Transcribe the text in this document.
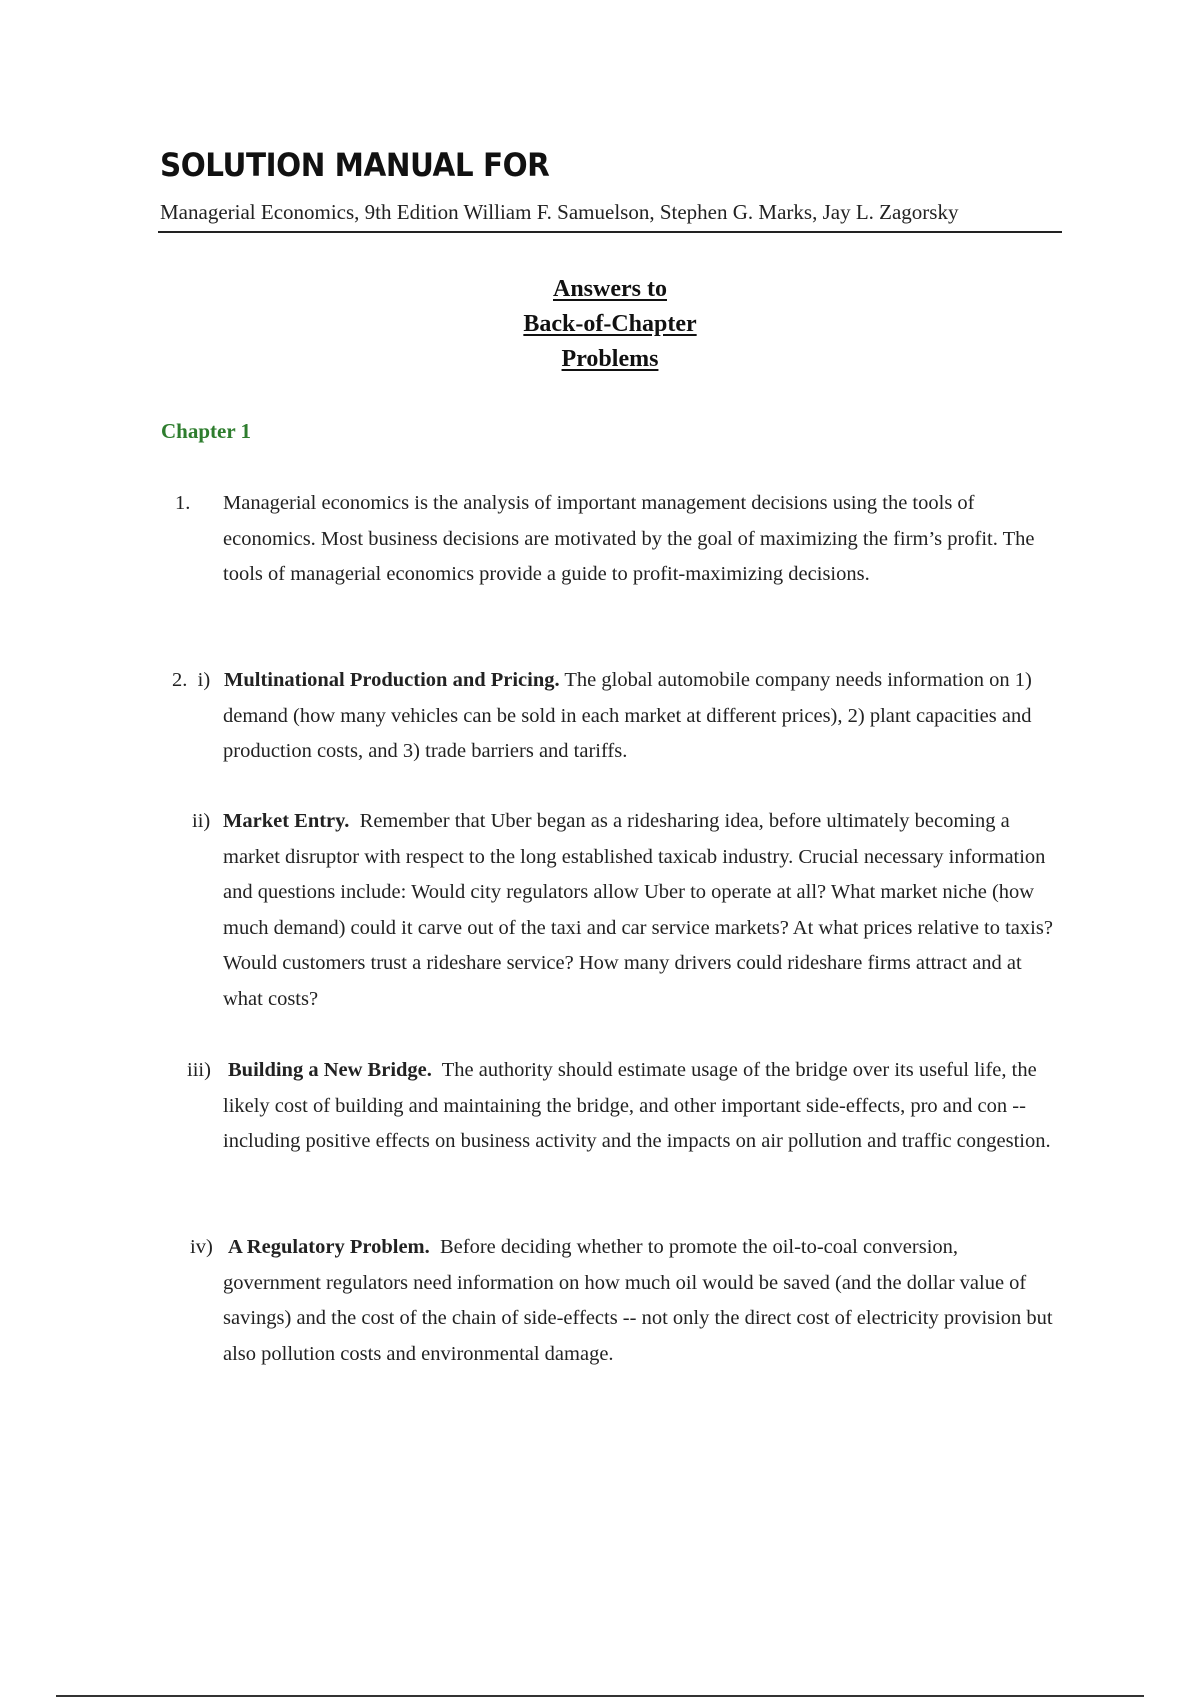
SOLUTION MANUAL FOR
Managerial Economics, 9th Edition William F. Samuelson, Stephen G. Marks, Jay L. Zagorsky
Answers to
Back-of-Chapter
Problems
Chapter 1
1.	Managerial economics is the analysis of important management decisions using the tools of economics. Most business decisions are motivated by the goal of maximizing the firm’s profit. The tools of managerial economics provide a guide to profit-maximizing decisions.
2. i) Multinational Production and Pricing. The global automobile company needs information on 1) demand (how many vehicles can be sold in each market at different prices), 2) plant capacities and production costs, and 3) trade barriers and tariffs.
ii) Market Entry. Remember that Uber began as a ridesharing idea, before ultimately becoming a market disruptor with respect to the long established taxicab industry. Crucial necessary information and questions include: Would city regulators allow Uber to operate at all? What market niche (how much demand) could it carve out of the taxi and car service markets? At what prices relative to taxis? Would customers trust a rideshare service? How many drivers could rideshare firms attract and at what costs?
iii) Building a New Bridge. The authority should estimate usage of the bridge over its useful life, the likely cost of building and maintaining the bridge, and other important side-effects, pro and con -- including positive effects on business activity and the impacts on air pollution and traffic congestion.
iv) A Regulatory Problem. Before deciding whether to promote the oil-to-coal conversion, government regulators need information on how much oil would be saved (and the dollar value of savings) and the cost of the chain of side-effects -- not only the direct cost of electricity provision but also pollution costs and environmental damage.
